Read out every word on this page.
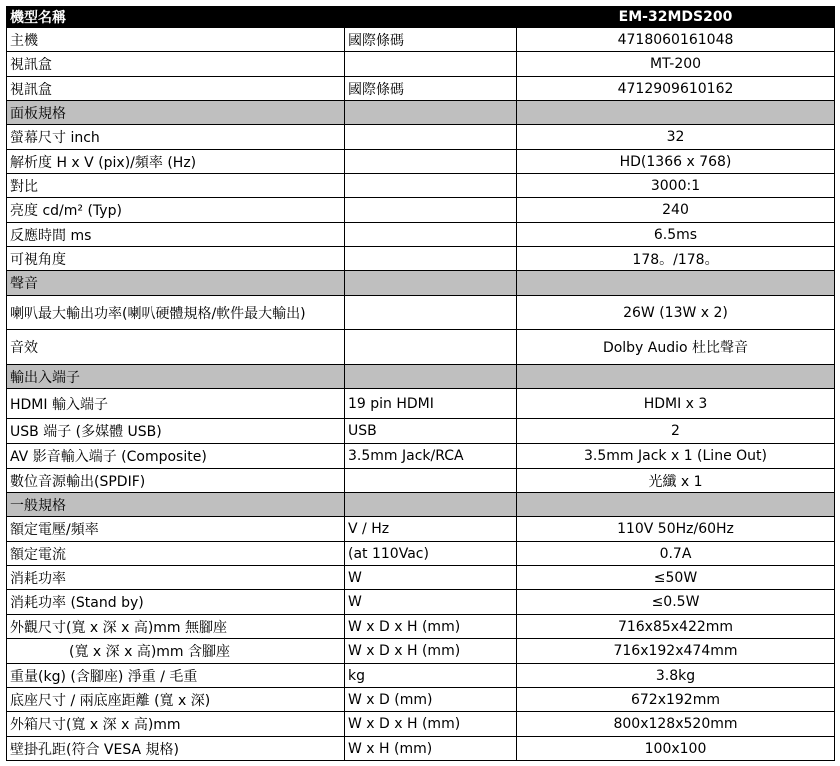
機型名稱		EM-32MDS200
主機	國際條碼	4718060161048
視訊盒		MT-200
視訊盒	國際條碼	4712909610162
面板規格		
螢幕尺寸 inch		32
解析度 H x V (pix)/頻率 (Hz)		HD(1366 x 768)
對比		3000:1
亮度 cd/m² (Typ)		240
反應時間 ms		6.5ms
可視角度		178。/178。
聲音		
喇叭最大輸出功率(喇叭硬體規格/軟件最大輸出)		26W (13W x 2)
音效		Dolby Audio 杜比聲音
輸出入端子		
HDMI 輸入端子	19 pin HDMI	HDMI x 3
USB 端子 (多媒體 USB)	USB	2
AV 影音輸入端子 (Composite)	3.5mm Jack/RCA	3.5mm Jack x 1 (Line Out)
數位音源輸出(SPDIF)		光纖 x 1
一般規格		
額定電壓/頻率	V / Hz	110V 50Hz/60Hz
額定電流	(at 110Vac)	0.7A
消耗功率	W	≤50W
消耗功率 (Stand by)	W	≤0.5W
外觀尺寸(寬 x 深 x 高)mm 無腳座	W x D x H (mm)	716x85x422mm
(寬 x 深 x 高)mm 含腳座	W x D x H (mm)	716x192x474mm
重量(kg) (含腳座) 淨重 / 毛重	kg	3.8kg
底座尺寸 / 兩底座距離 (寬 x 深)	W x D (mm)	672x192mm
外箱尺寸(寬 x 深 x 高)mm	W x D x H (mm)	800x128x520mm
壁掛孔距(符合 VESA 規格)	W x H (mm)	100x100
